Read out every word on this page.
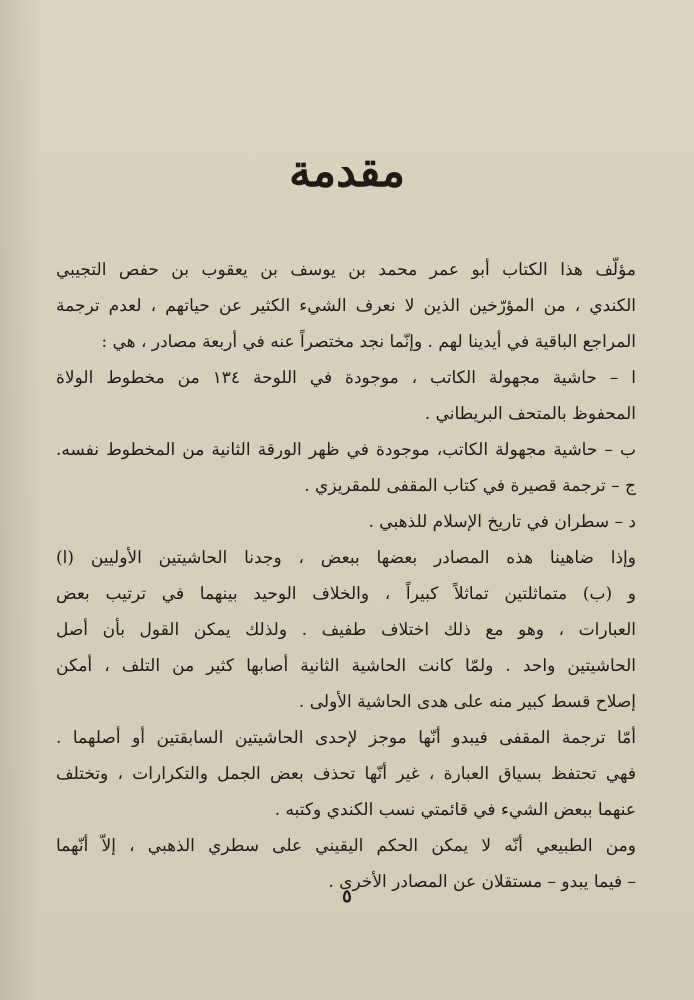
مقدمة
مؤلّف هذا الكتاب أبو عمر محمد بن يوسف بن يعقوب بن حفص التجيبي
الكندي ، من المؤرّخين الذين لا نعرف الشيء الكثير عن حياتهم ، لعدم ترجمة
المراجع الباقية في أيدينا لهم . وإنّما نجد مختصراً عنه في أربعة مصادر ، هي :
ا – حاشية مجهولة الكاتب ، موجودة في اللوحة ١٣٤ من مخطوط الولاة
المحفوظ بالمتحف البريطاني .
ب – حاشية مجهولة الكاتب، موجودة في ظهر الورقة الثانية من المخطوط نفسه.
ج – ترجمة قصيرة في كتاب المقفى للمقريزي .
د – سطران في تاريخ الإسلام للذهبي .
وإذا ضاهينا هذه المصادر بعضها ببعض ، وجدنا الحاشيتين الأوليين (ا)
و (ب) متماثلتين تماثلاً كبيراً ، والخلاف الوحيد بينهما في ترتيب بعض
العبارات ، وهو مع ذلك اختلاف طفيف . ولذلك يمكن القول بأن أصل
الحاشيتين واحد . ولمّا كانت الحاشية الثانية أصابها كثير من التلف ، أمكن
إصلاح قسط كبير منه على هدى الحاشية الأولى .
أمّا ترجمة المقفى فيبدو أنّها موجز لإحدى الحاشيتين السابقتين أو أصلهما .
فهي تحتفظ بسياق العبارة ، غير أنّها تحذف بعض الجمل والتكرارات ، وتختلف
عنهما ببعض الشيء في قائمتي نسب الكندي وكتبه .
ومن الطبيعي أنّه لا يمكن الحكم اليقيني على سطري الذهبي ، إلاّ أنّهما
– فيما يبدو – مستقلان عن المصادر الأخرى .
٥
